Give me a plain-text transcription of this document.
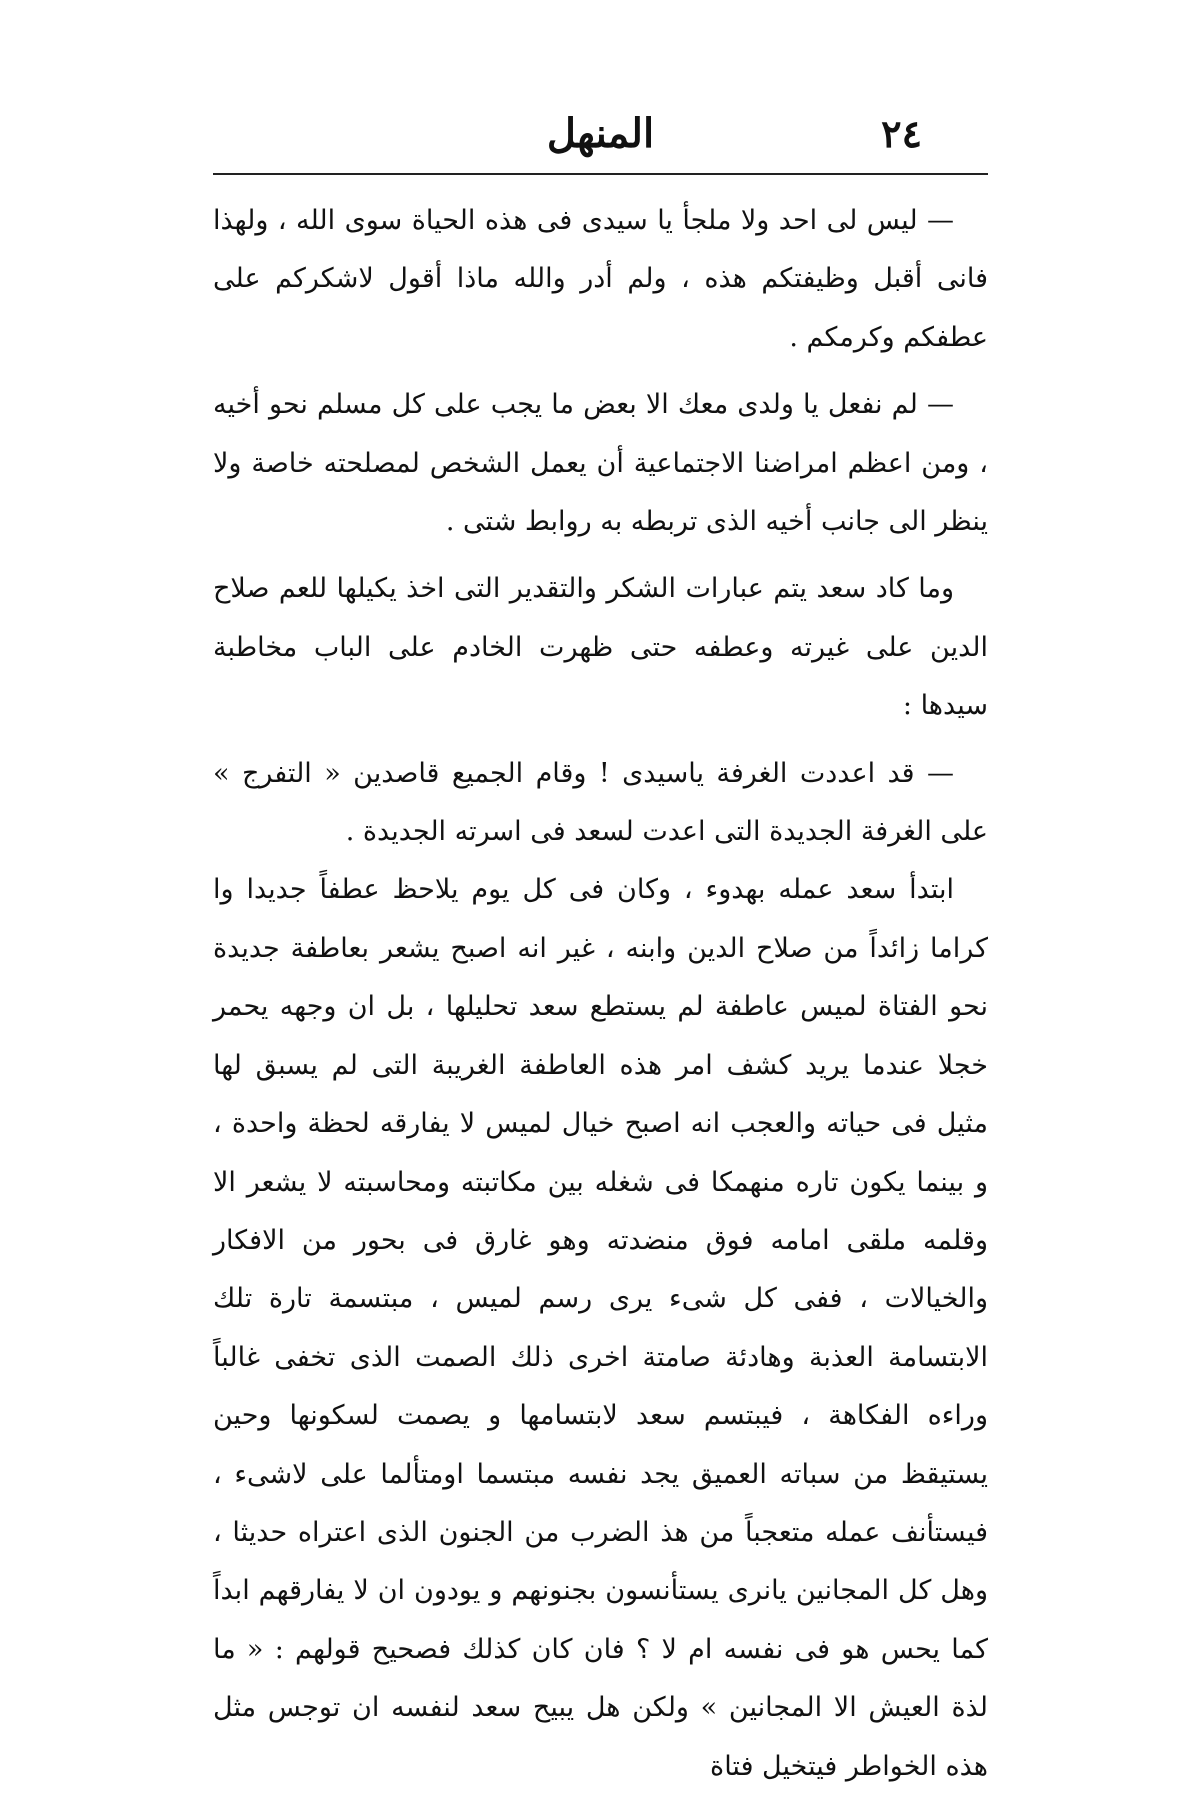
٢٤
المنهل

— ليس لى احد ولا ملجأ يا سيدى فى هذه الحياة سوى الله ، ولهذا فانى أقبل وظيفتكم هذه ، ولم أدر والله ماذا أقول لاشكركم على عطفكم وكرمكم .

— لم نفعل يا ولدى معك الا بعض ما يجب على كل مسلم نحو أخيه ، ومن اعظم امراضنا الاجتماعية أن يعمل الشخص لمصلحته خاصة ولا ينظر الى جانب أخيه الذى تربطه به روابط شتى .

وما كاد سعد يتم عبارات الشكر والتقدير التى اخذ يكيلها للعم صلاح الدين على غيرته وعطفه حتى ظهرت الخادم على الباب مخاطبة سيدها :

— قد اعددت الغرفة ياسيدى ! وقام الجميع قاصدين « التفرج » على الغرفة الجديدة التى اعدت لسعد فى اسرته الجديدة .

ابتدأ سعد عمله بهدوء ، وكان فى كل يوم يلاحظ عطفاً جديدا وا كراما زائداً من صلاح الدين وابنه ، غير انه اصبح يشعر بعاطفة جديدة نحو الفتاة لميس عاطفة لم يستطع سعد تحليلها ، بل ان وجهه يحمر خجلا عندما يريد كشف امر هذه العاطفة الغريبة التى لم يسبق لها مثيل فى حياته والعجب انه اصبح خيال لميس لا يفارقه لحظة واحدة ، و بينما يكون تاره منهمكا فى شغله بين مكاتبته ومحاسبته لا يشعر الا وقلمه ملقى امامه فوق منضدته وهو غارق فى بحور من الافكار والخيالات ، ففى كل شىء يرى رسم لميس ، مبتسمة تارة تلك الابتسامة العذبة وهادئة صامتة اخرى ذلك الصمت الذى تخفى غالباً وراءه الفكاهة ، فيبتسم سعد لابتسامها و يصمت لسكونها وحين يستيقظ من سباته العميق يجد نفسه مبتسما اومتألما على لاشىء ، فيستأنف عمله متعجباً من هذ الضرب من الجنون الذى اعتراه حديثا ، وهل كل المجانين يانرى يستأنسون بجنونهم و يودون ان لا يفارقهم ابداً كما يحس هو فى نفسه ام لا ؟ فان كان كذلك فصحيح قولهم : « ما لذة العيش الا المجانين » ولكن هل يبيح سعد لنفسه ان توجس مثل هذه الخواطر فيتخيل فتاة
